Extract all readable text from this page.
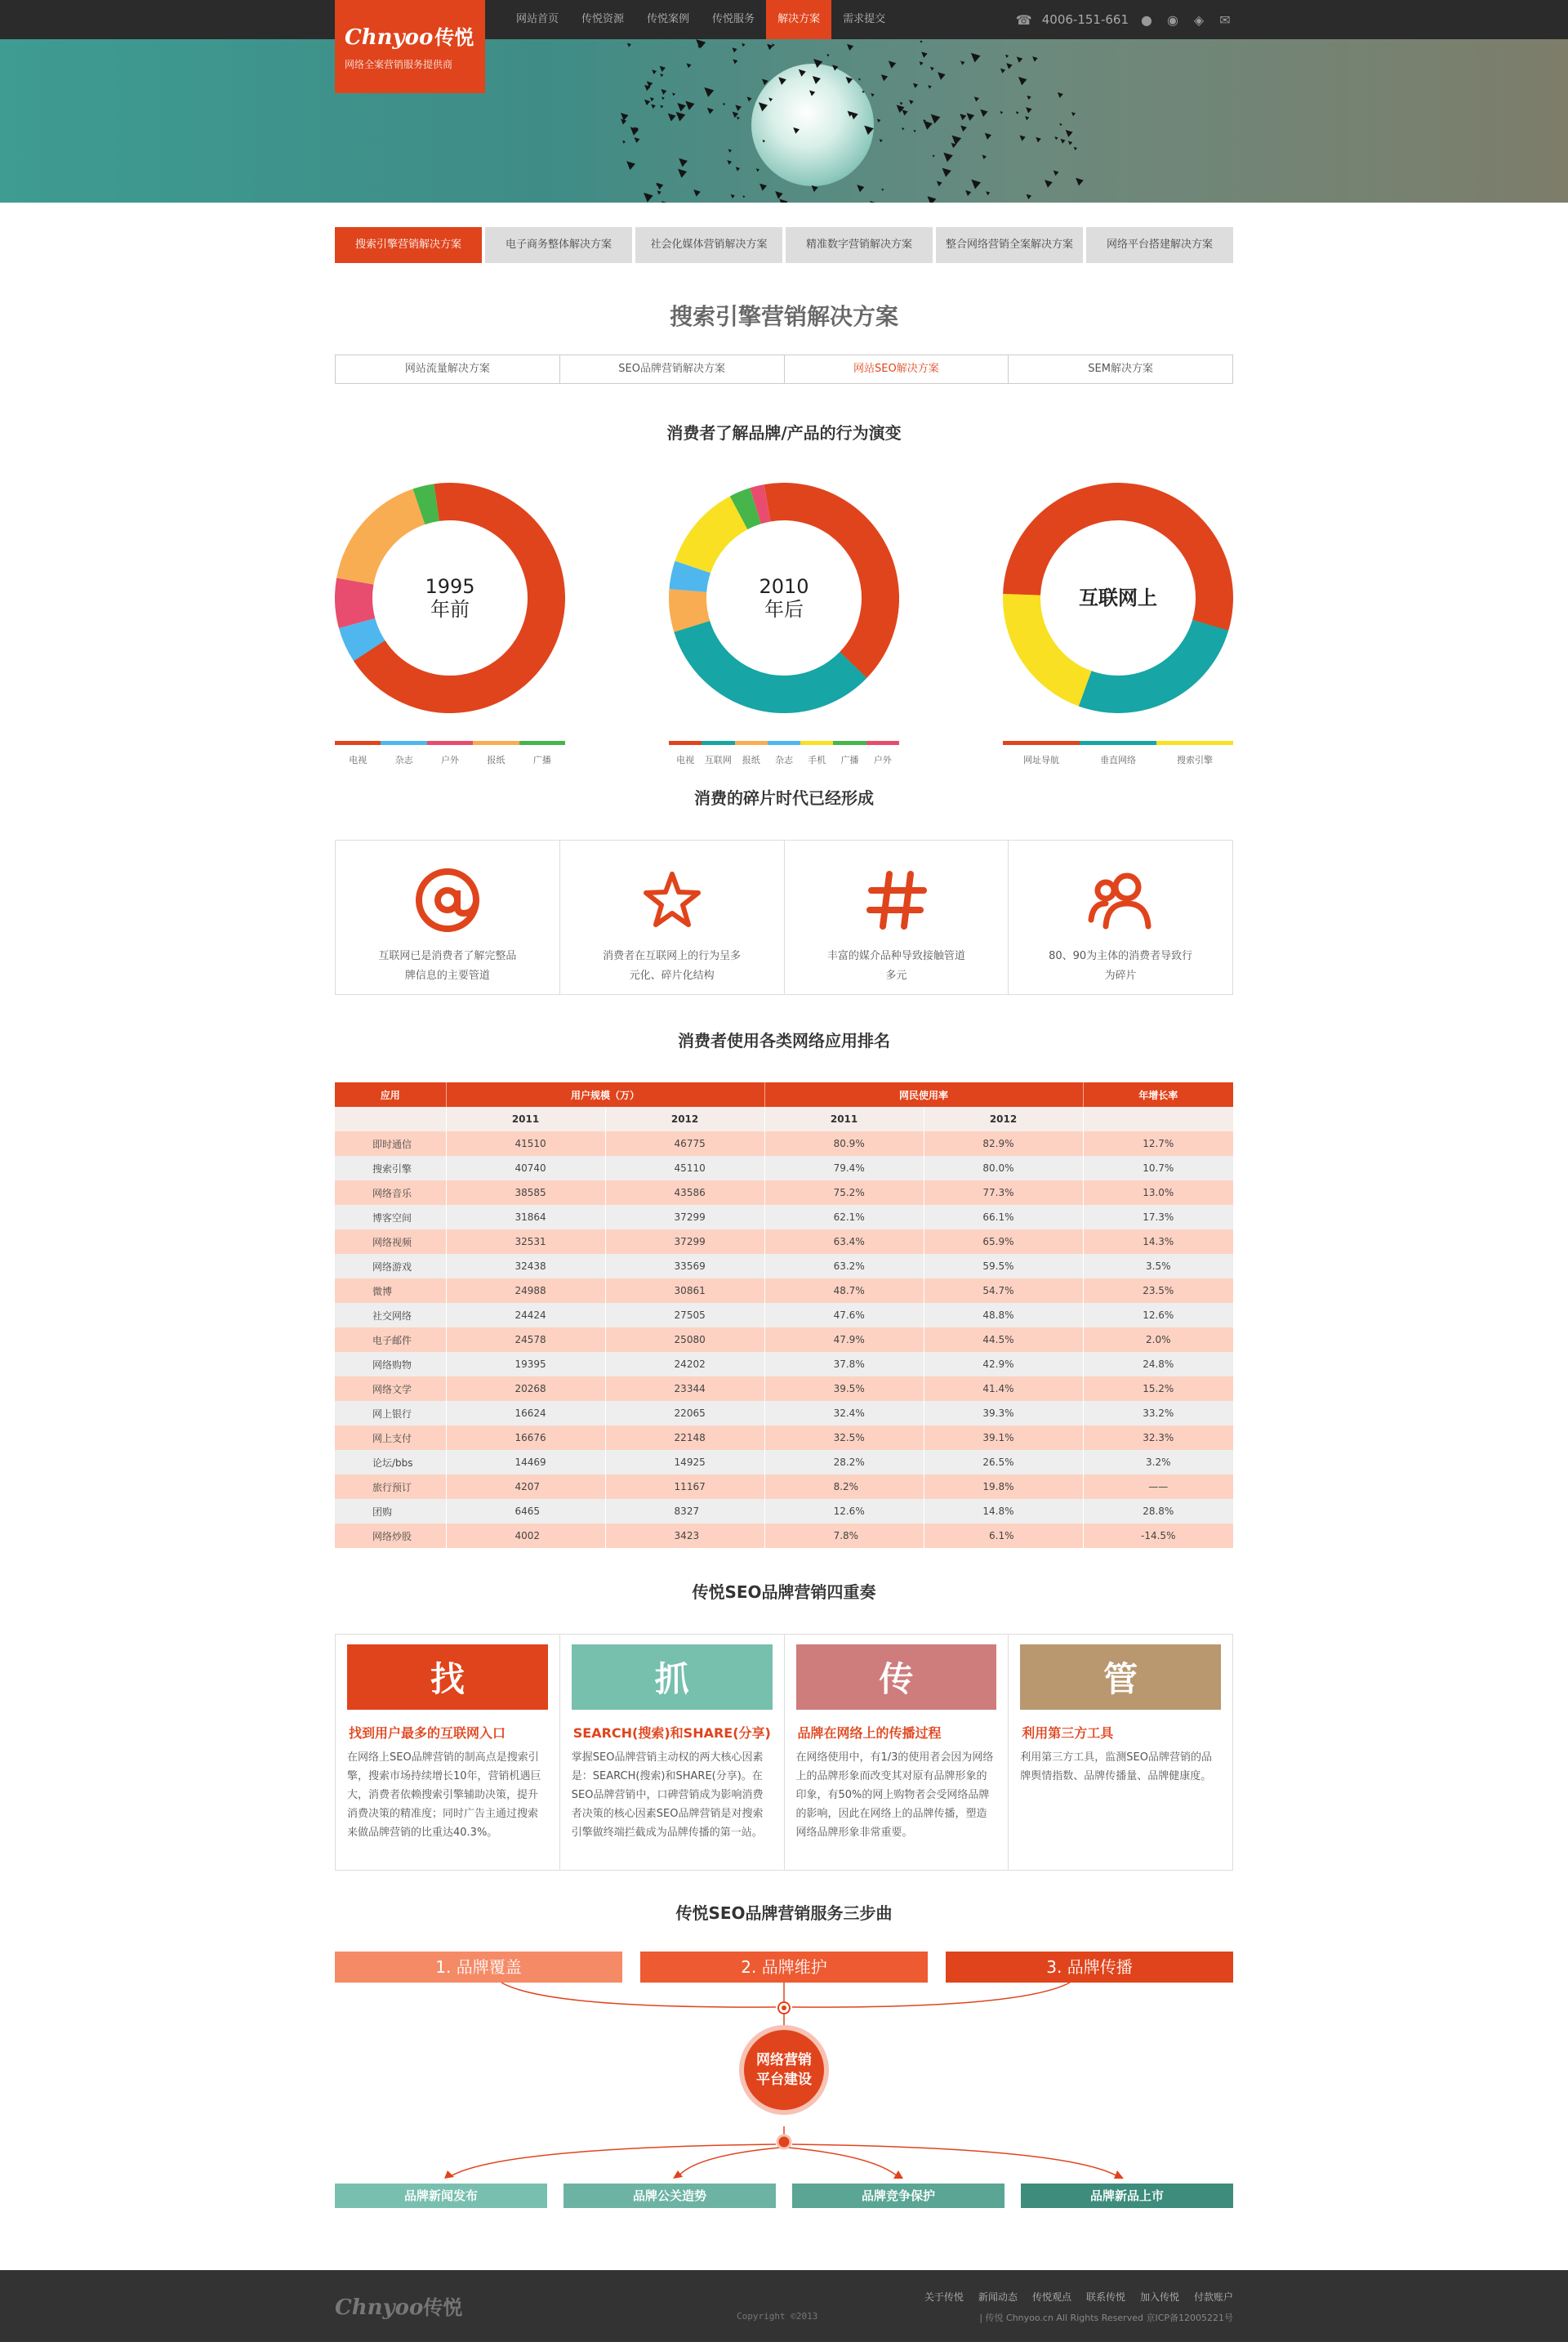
Chnyoo传悦
网络全案营销服务提供商
网站首页	传悦资源	传悦案例	传悦服务	解决方案	需求提交	☎ 4006-151-661 ● ◉ ◈ ✉
搜索引擎营销解决方案	电子商务整体解决方案	社会化媒体营销解决方案	精准数字营销解决方案	整合网络营销全案解决方案	网络平台搭建解决方案
搜索引擎营销解决方案
网站流量解决方案	SEO品牌营销解决方案	网站SEO解决方案	SEM解决方案
消费者了解品牌/产品的行为演变
1995
年前
电视	杂志	户外	报纸	广播
2010
年后
电视	互联网	报纸	杂志	手机	广播	户外
互联网上
网址导航	垂直网络	搜索引擎
消费的碎片时代已经形成
互联网已是消费者了解完整品牌信息的主要管道
消费者在互联网上的行为呈多元化、碎片化结构
丰富的媒介品种导致接触管道多元
80、90为主体的消费者导致行为碎片
消费者使用各类网络应用排名
应用	用户规模（万）		网民使用率		年增长率
	2011	2012	2011	2012	
即时通信	41510	46775	80.9%	82.9%	12.7%
搜索引擎	40740	45110	79.4%	80.0%	10.7%
网络音乐	38585	43586	75.2%	77.3%	13.0%
博客空间	31864	37299	62.1%	66.1%	17.3%
网络视频	32531	37299	63.4%	65.9%	14.3%
网络游戏	32438	33569	63.2%	59.5%	3.5%
微博	24988	30861	48.7%	54.7%	23.5%
社交网络	24424	27505	47.6%	48.8%	12.6%
电子邮件	24578	25080	47.9%	44.5%	2.0%
网络购物	19395	24202	37.8%	42.9%	24.8%
网络文学	20268	23344	39.5%	41.4%	15.2%
网上银行	16624	22065	32.4%	39.3%	33.2%
网上支付	16676	22148	32.5%	39.1%	32.3%
论坛/bbs	14469	14925	28.2%	26.5%	3.2%
旅行预订	4207	11167	8.2%	19.8%	——
团购	6465	8327	12.6%	14.8%	28.8%
网络炒股	4002	3423	7.8%	6.1%	-14.5%
传悦SEO品牌营销四重奏
找
找到用户最多的互联网入口
在网络上SEO品牌营销的制高点是搜索引擎，搜索市场持续增长10年，营销机遇巨大，消费者依赖搜索引擎辅助决策，提升消费决策的精准度；同时广告主通过搜索来做品牌营销的比重达40.3%。
抓
SEARCH(搜索)和SHARE(分享)
掌握SEO品牌营销主动权的两大核心因素是：SEARCH(搜索)和SHARE(分享)。在SEO品牌营销中，口碑营销成为影响消费者决策的核心因素SEO品牌营销是对搜索引擎做终端拦截成为品牌传播的第一站。
传
品牌在网络上的传播过程
在网络使用中，有1/3的使用者会因为网络上的品牌形象而改变其对原有品牌形象的印象，有50%的网上购物者会受网络品牌的影响，因此在网络上的品牌传播，塑造网络品牌形象非常重要。
管
利用第三方工具
利用第三方工具，监测SEO品牌营销的品牌舆情指数、品牌传播量、品牌健康度。
传悦SEO品牌营销服务三步曲
网络营销
平台建设
1. 品牌覆盖	2. 品牌维护	3. 品牌传播
品牌新闻发布	品牌公关造势	品牌竞争保护	品牌新品上市
Chnyoo传悦	Copyright ©2013
关于传悦 新闻动态 传悦观点 联系传悦 加入传悦 付款账户
| 传悦 Chnyoo.cn All Rights Reserved 京ICP备12005221号
